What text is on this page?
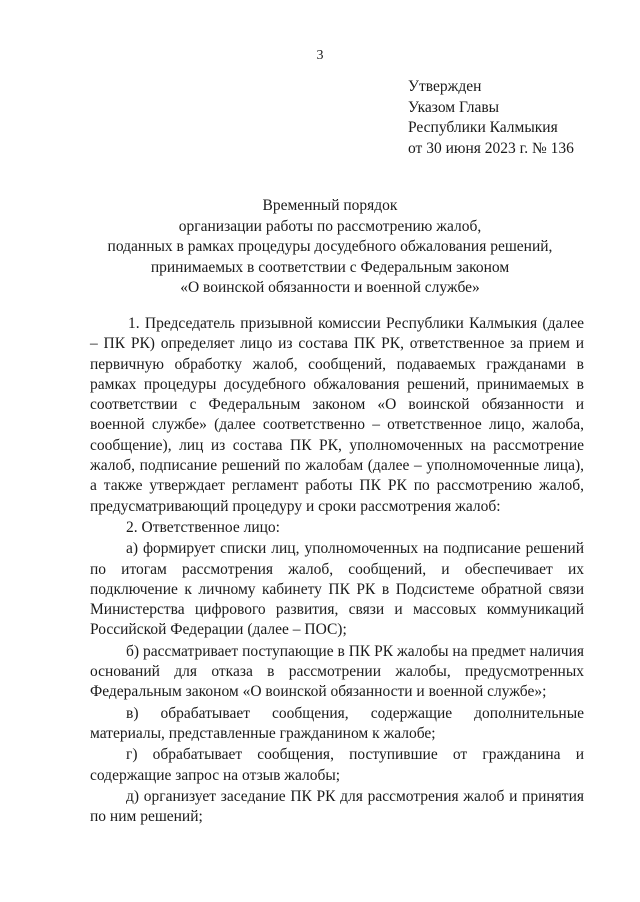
3
Утвержден
Указом Главы
Республики Калмыкия
от 30 июня 2023 г. № 136
Временный порядок
организации работы по рассмотрению жалоб,
поданных в рамках процедуры досудебного обжалования решений,
принимаемых в соответствии с Федеральным законом
«О воинской обязанности и военной службе»

1. Председатель призывной комиссии Республики Калмыкия (далее – ПК РК) определяет лицо из состава ПК РК, ответственное за прием и первичную обработку жалоб, сообщений, подаваемых гражданами в рамках процедуры досудебного обжалования решений, принимаемых в соответствии с Федеральным законом «О воинской обязанности и военной службе» (далее соответственно – ответственное лицо, жалоба, сообщение), лиц из состава ПК РК, уполномоченных на рассмотрение жалоб, подписание решений по жалобам (далее – уполномоченные лица), а также утверждает регламент работы ПК РК по рассмотрению жалоб, предусматривающий процедуру и сроки рассмотрения жалоб:

2. Ответственное лицо:

а) формирует списки лиц, уполномоченных на подписание решений по итогам рассмотрения жалоб, сообщений, и обеспечивает их подключение к личному кабинету ПК РК в Подсистеме обратной связи Министерства цифрового развития, связи и массовых коммуникаций Российской Федерации (далее – ПОС);

б) рассматривает поступающие в ПК РК жалобы на предмет наличия оснований для отказа в рассмотрении жалобы, предусмотренных Федеральным законом «О воинской обязанности и военной службе»;

в) обрабатывает сообщения, содержащие дополнительные материалы, представленные гражданином к жалобе;

г) обрабатывает сообщения, поступившие от гражданина и содержащие запрос на отзыв жалобы;

д) организует заседание ПК РК для рассмотрения жалоб и принятия по ним решений;
